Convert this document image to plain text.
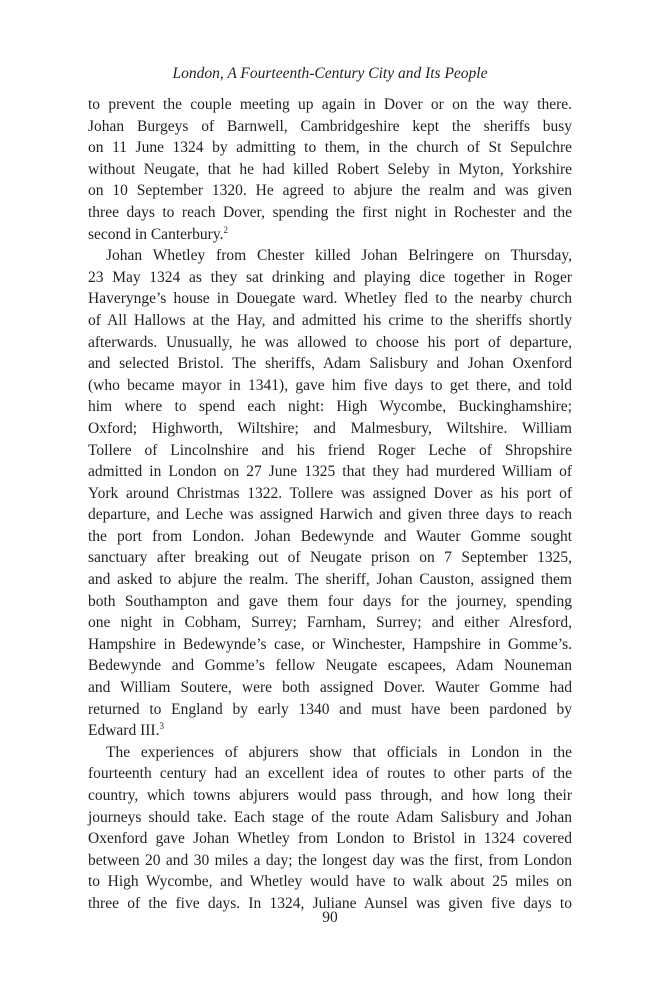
London, A Fourteenth-Century City and Its People
to prevent the couple meeting up again in Dover or on the way there.
Johan Burgeys of Barnwell, Cambridgeshire kept the sheriffs busy
on 11 June 1324 by admitting to them, in the church of St Sepulchre
without Neugate, that he had killed Robert Seleby in Myton, Yorkshire
on 10 September 1320. He agreed to abjure the realm and was given
three days to reach Dover, spending the first night in Rochester and the
second in Canterbury.$^2$
Johan Whetley from Chester killed Johan Belringere on Thursday,
23 May 1324 as they sat drinking and playing dice together in Roger
Haverynge’s house in Douegate ward. Whetley fled to the nearby church
of All Hallows at the Hay, and admitted his crime to the sheriffs shortly
afterwards. Unusually, he was allowed to choose his port of departure,
and selected Bristol. The sheriffs, Adam Salisbury and Johan Oxenford
(who became mayor in 1341), gave him five days to get there, and told
him where to spend each night: High Wycombe, Buckinghamshire;
Oxford; Highworth, Wiltshire; and Malmesbury, Wiltshire. William
Tollere of Lincolnshire and his friend Roger Leche of Shropshire
admitted in London on 27 June 1325 that they had murdered William of
York around Christmas 1322. Tollere was assigned Dover as his port of
departure, and Leche was assigned Harwich and given three days to reach
the port from London. Johan Bedewynde and Wauter Gomme sought
sanctuary after breaking out of Neugate prison on 7 September 1325,
and asked to abjure the realm. The sheriff, Johan Causton, assigned them
both Southampton and gave them four days for the journey, spending
one night in Cobham, Surrey; Farnham, Surrey; and either Alresford,
Hampshire in Bedewynde’s case, or Winchester, Hampshire in Gomme’s.
Bedewynde and Gomme’s fellow Neugate escapees, Adam Nouneman
and William Soutere, were both assigned Dover. Wauter Gomme had
returned to England by early 1340 and must have been pardoned by
Edward III.$^3$
The experiences of abjurers show that officials in London in the
fourteenth century had an excellent idea of routes to other parts of the
country, which towns abjurers would pass through, and how long their
journeys should take. Each stage of the route Adam Salisbury and Johan
Oxenford gave Johan Whetley from London to Bristol in 1324 covered
between 20 and 30 miles a day; the longest day was the first, from London
to High Wycombe, and Whetley would have to walk about 25 miles on
three of the five days. In 1324, Juliane Aunsel was given five days to
90
